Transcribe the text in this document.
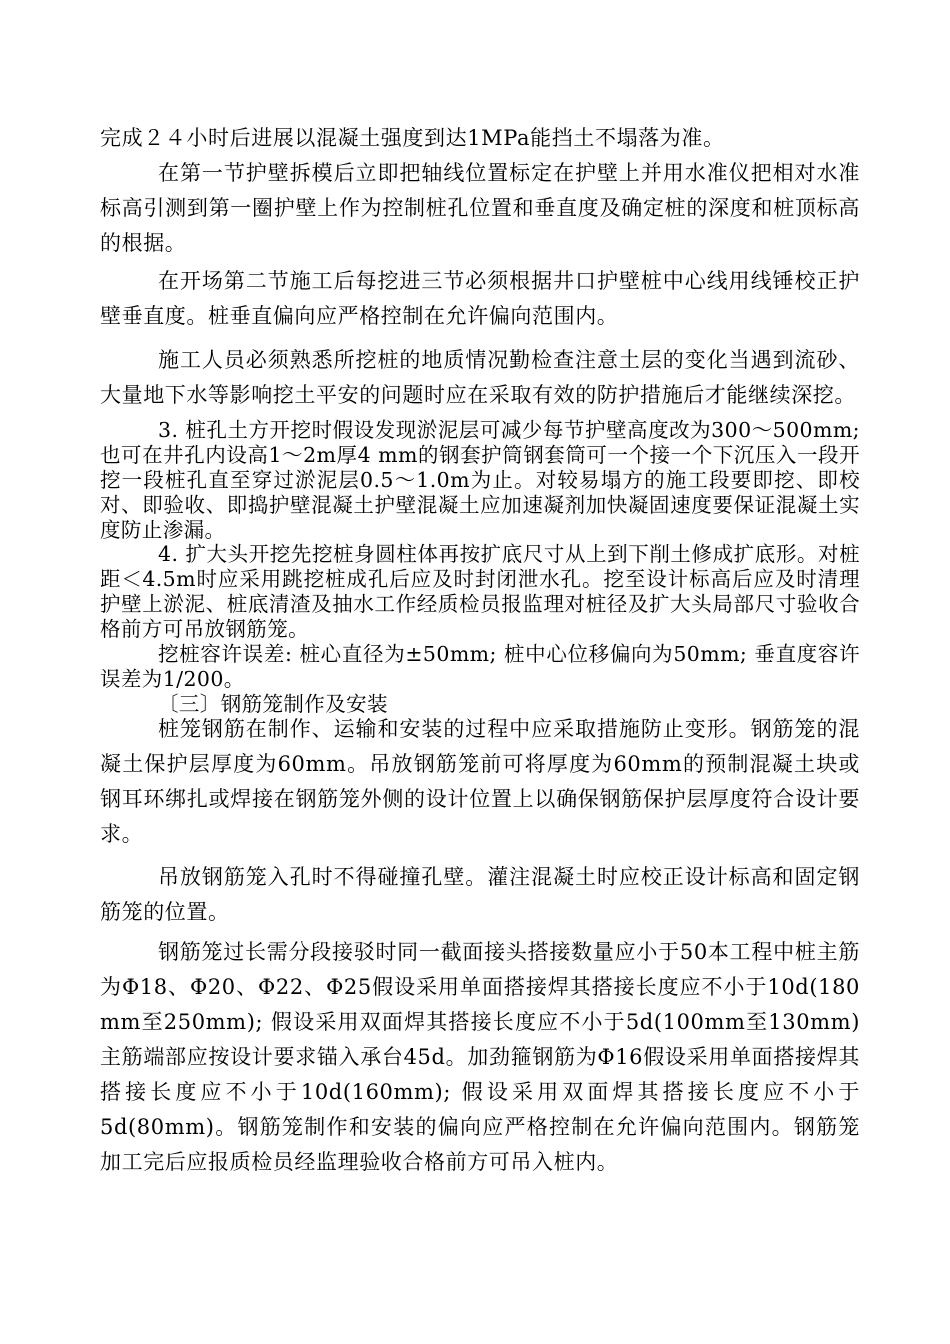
完成２４小时后进展以混凝土强度到达1MPa能挡土不塌落为准。

在第一节护壁拆模后立即把轴线位置标定在护壁上并用水准仪把相对水准标高引测到第一圈护壁上作为控制桩孔位置和垂直度及确定桩的深度和桩顶标高的根据。

在开场第二节施工后每挖进三节必须根据井口护壁桩中心线用线锤校正护壁垂直度。桩垂直偏向应严格控制在允许偏向范围内。

施工人员必须熟悉所挖桩的地质情况勤检查注意土层的变化当遇到流砂、大量地下水等影响挖土平安的问题时应在采取有效的防护措施后才能继续深挖。

3. 桩孔土方开挖时假设发现淤泥层可减少每节护壁高度改为300～500mm; 也可在井孔内设高1～2m厚4 mm的钢套护筒钢套筒可一个接一个下沉压入一段开挖一段桩孔直至穿过淤泥层0.5～1.0m为止。对较易塌方的施工段要即挖、即校对、即验收、即捣护壁混凝土护壁混凝土应加速凝剂加快凝固速度要保证混凝土实度防止渗漏。

4. 扩大头开挖先挖桩身圆柱体再按扩底尺寸从上到下削土修成扩底形。对桩距＜4.5m时应采用跳挖桩成孔后应及时封闭泄水孔。挖至设计标高后应及时清理护壁上淤泥、桩底清渣及抽水工作经质检员报监理对桩径及扩大头局部尺寸验收合格前方可吊放钢筋笼。

挖桩容许误差: 桩心直径为±50mm; 桩中心位移偏向为50mm; 垂直度容许误差为1/200。

〔三〕钢筋笼制作及安装

桩笼钢筋在制作、运输和安装的过程中应采取措施防止变形。钢筋笼的混凝土保护层厚度为60mm。吊放钢筋笼前可将厚度为60mm的预制混凝土块或钢耳环绑扎或焊接在钢筋笼外侧的设计位置上以确保钢筋保护层厚度符合设计要求。

吊放钢筋笼入孔时不得碰撞孔壁。灌注混凝土时应校正设计标高和固定钢筋笼的位置。

钢筋笼过长需分段接驳时同一截面接头搭接数量应小于50本工程中桩主筋为Φ18、Φ20、Φ22、Φ25假设采用单面搭接焊其搭接长度应不小于10d(180 mm至250mm); 假设采用双面焊其搭接长度应不小于5d(100mm至130mm)主筋端部应按设计要求锚入承台45d。加劲箍钢筋为Φ16假设采用单面搭接焊其搭接长度应不小于10d(160mm); 假设采用双面焊其搭接长度应不小于5d(80mm)。钢筋笼制作和安装的偏向应严格控制在允许偏向范围内。钢筋笼加工完后应报质检员经监理验收合格前方可吊入桩内。
